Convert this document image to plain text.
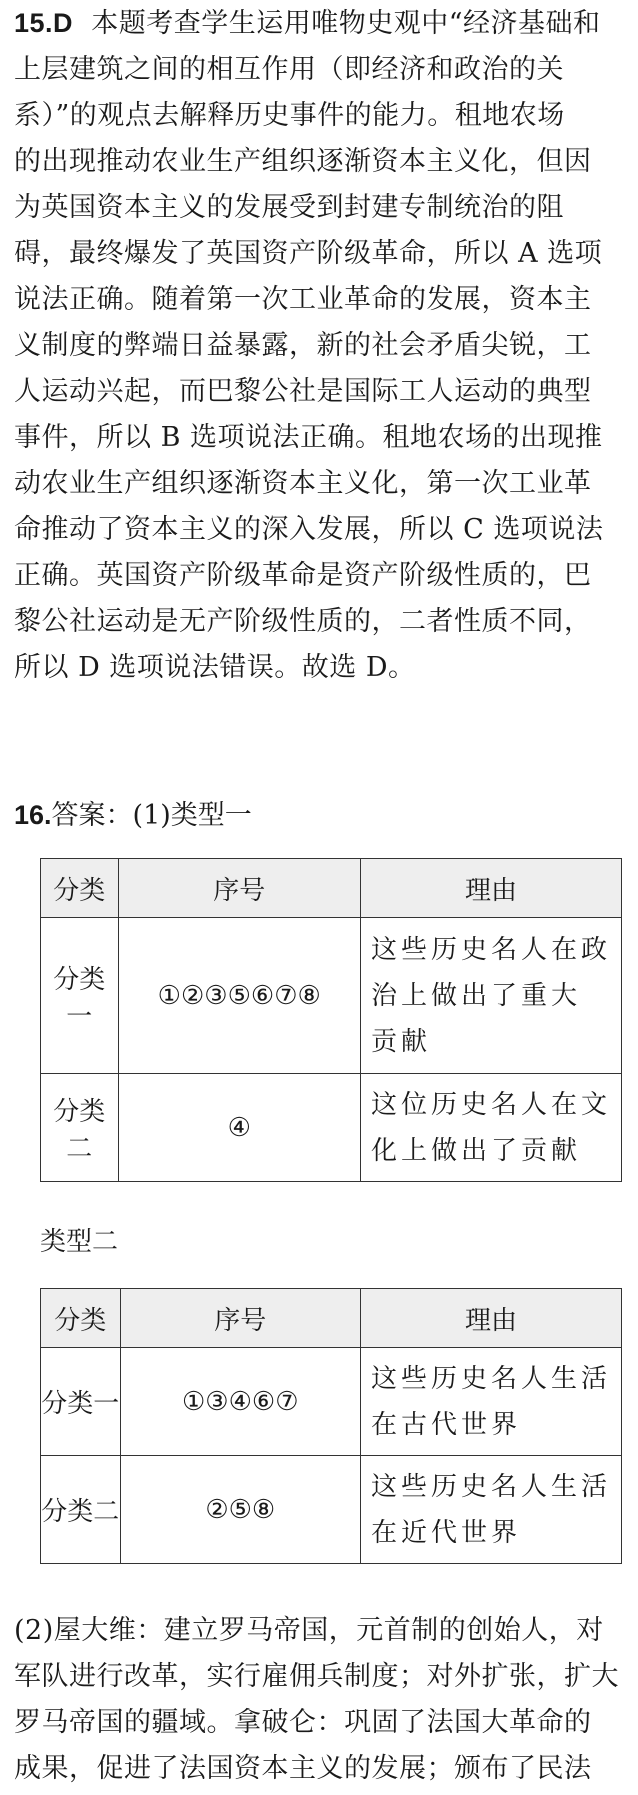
15.D 本题考查学生运用唯物史观中“经济基础和
上层建筑之间的相互作用（即经济和政治的关
系）”的观点去解释历史事件的能力。租地农场
的出现推动农业生产组织逐渐资本主义化，但因
为英国资本主义的发展受到封建专制统治的阻
碍，最终爆发了英国资产阶级革命，所以 A 选项
说法正确。随着第一次工业革命的发展，资本主
义制度的弊端日益暴露，新的社会矛盾尖锐，工
人运动兴起，而巴黎公社是国际工人运动的典型
事件，所以 B 选项说法正确。租地农场的出现推
动农业生产组织逐渐资本主义化，第一次工业革
命推动了资本主义的深入发展，所以 C 选项说法
正确。英国资产阶级革命是资产阶级性质的，巴
黎公社运动是无产阶级性质的，二者性质不同，
所以 D 选项说法错误。故选 D。
16.答案：(1)类型一
分类	序号	理由
分类一	①②③⑤⑥⑦⑧	这些历史名人在政
治上做出了重大
贡献

分类二	④	这位历史名人在文
化上做出了贡献
类型二
分类	序号	理由
分类一	①③④⑥⑦	这些历史名人生活
在古代世界

分类二	②⑤⑧	这些历史名人生活
在近代世界
(2)屋大维：建立罗马帝国，元首制的创始人，对
军队进行改革，实行雇佣兵制度；对外扩张，扩大
罗马帝国的疆域。拿破仑：巩固了法国大革命的
成果，促进了法国资本主义的发展；颁布了民法
